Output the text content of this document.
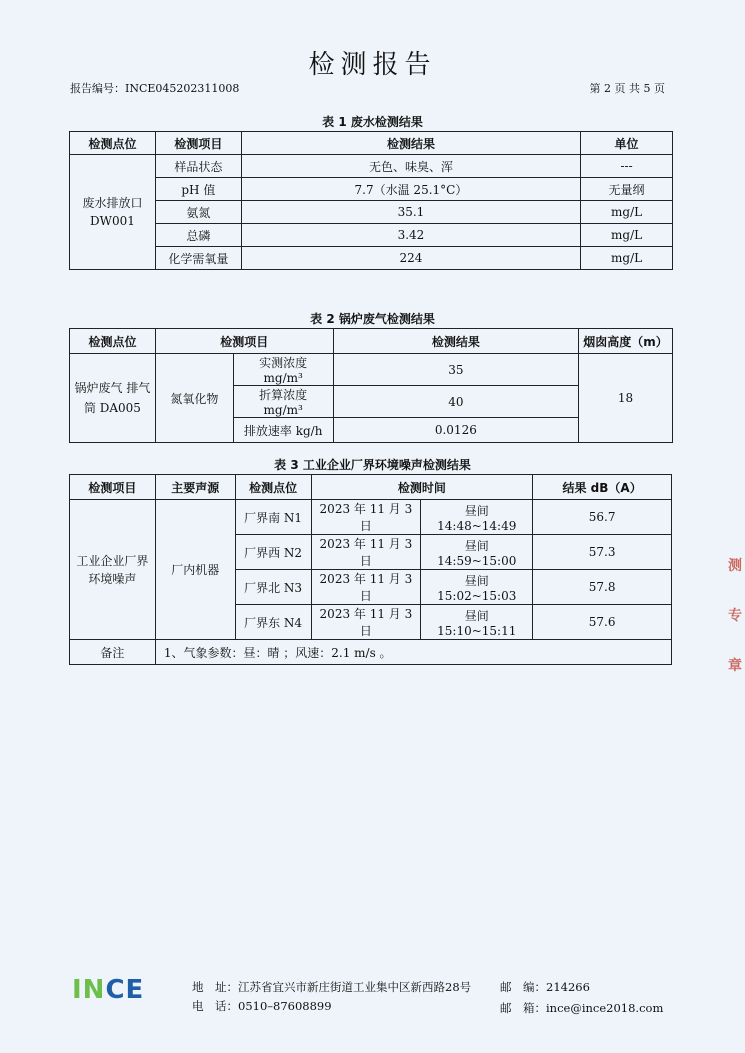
检测报告
报告编号：INCE045202311008	第 2 页 共 5 页
表 1 废水检测结果
检测点位	检测项目	检测结果	单位
废水排放口 DW001	样品状态	无色、味臭、浑	---
	pH 值	7.7（水温 25.1°C）	无量纲
	氨氮	35.1	mg/L
	总磷	3.42	mg/L
	化学需氧量	224	mg/L
表 2 锅炉废气检测结果
检测点位	检测项目		检测结果	烟囱高度（m）
锅炉废气 排气筒 DA005	氮氧化物	实测浓度 mg/m³	35	18
		折算浓度 mg/m³	40	
		排放速率 kg/h	0.0126	
表 3 工业企业厂界环境噪声检测结果
检测项目	主要声源	检测点位	检测时间		结果 dB（A）
工业企业厂界环境噪声	厂内机器	厂界南 N1	2023 年 11 月 3 日	昼间 14:48~14:49	56.7
		厂界西 N2	2023 年 11 月 3 日	昼间 14:59~15:00	57.3
		厂界北 N3	2023 年 11 月 3 日	昼间 15:02~15:03	57.8
		厂界东 N4	2023 年 11 月 3 日	昼间 15:10~15:11	57.6
备注	1、气象参数：昼：晴 ；风速：2.1 m/s 。				
测
专
章
INCE	地　址：江苏省宜兴市新庄街道工业集中区新西路28号	邮　编：214266
电　话：0510–87608899	邮　箱：ince@ince2018.com
